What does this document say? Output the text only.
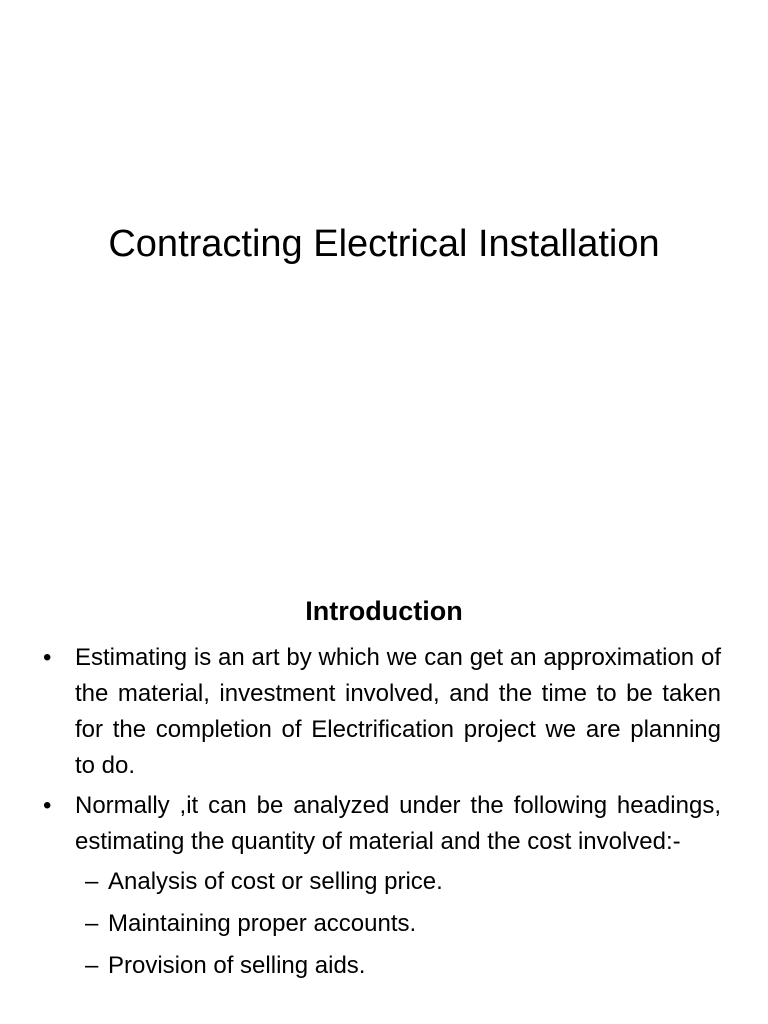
Contracting Electrical Installation
Introduction
• Estimating is an art by which we can get an approximation of the material, investment involved, and the time to be taken for the completion of Electrification project we are planning to do.
• Normally ,it can be analyzed under the following headings, estimating the quantity of material and the cost involved:-
– Analysis of cost or selling price.
– Maintaining proper accounts.
– Provision of selling aids.
